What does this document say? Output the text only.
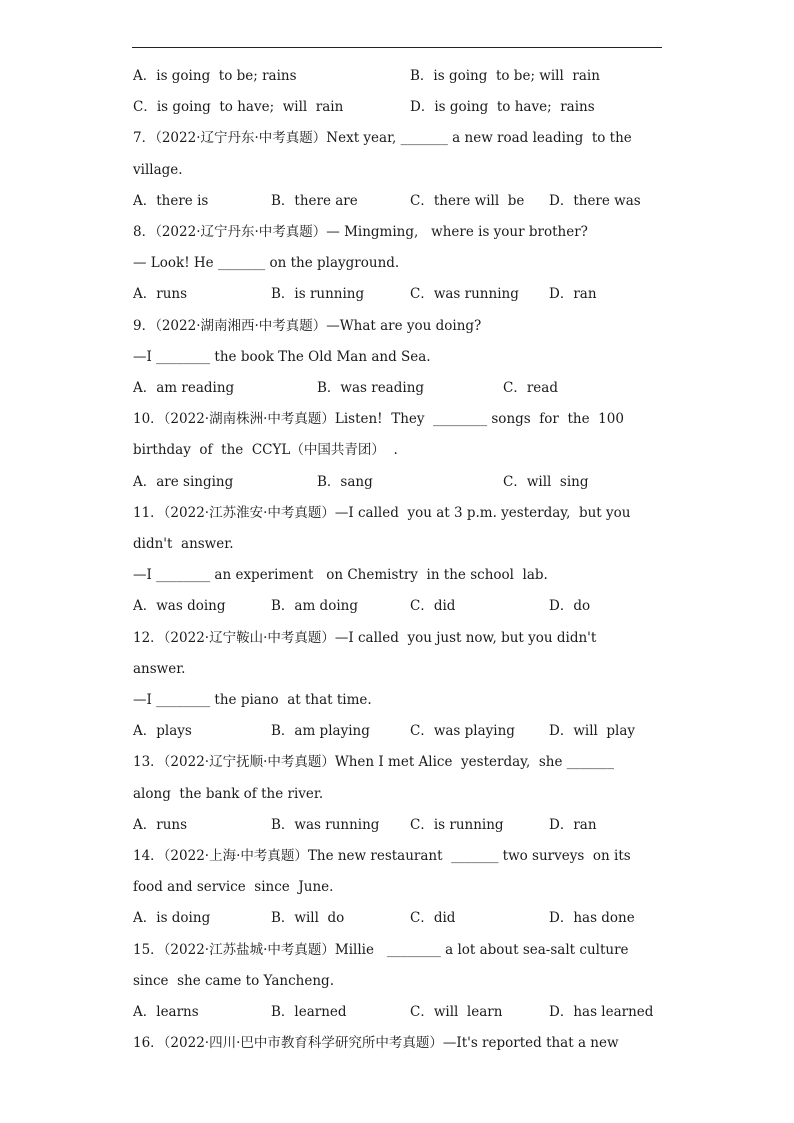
A．is going  to be; rains	B．is going  to be; will  rain
C．is going  to have;  will  rain	D．is going  to have;  rains
7．（2022·辽宁丹东·中考真题）Next year, _______ a new road leading  to the
village.
A．there is	B．there are	C．there will  be D．there was
8．（2022·辽宁丹东·中考真题）— Mingming,   where is your brother?
— Look! He _______ on the playground.
A．runs	B．is running	C．was running D．ran
9．（2022·湖南湘西·中考真题）—What are you doing?
—I ________ the book The Old Man and Sea.
A．am reading	B．was reading	C．read
10．（2022·湖南株洲·中考真题）Listen!  They  ________ songs  for  the  100
birthday  of  the  CCYL（中国共青团）  .
A．are singing	B．sang	C．will  sing
11．（2022·江苏淮安·中考真题）—I called  you at 3 p.m. yesterday,  but you
didn't  answer.
—I ________ an experiment   on Chemistry  in the school  lab.
A．was doing	B．am doing	C．did	D．do
12．（2022·辽宁鞍山·中考真题）—I called  you just now, but you didn't
answer.
—I ________ the piano  at that time.
A．plays	B．am playing	C．was playing	D．will  play
13．（2022·辽宁抚顺·中考真题）When I met Alice  yesterday,  she _______
along  the bank of the river.
A．runs	B．was running C．is running	D．ran
14．（2022·上海·中考真题）The new restaurant  _______ two surveys  on its
food and service  since  June.
A．is doing	B．will  do	C．did	D．has done
15．（2022·江苏盐城·中考真题）Millie   ________ a lot about sea-salt culture
since  she came to Yancheng.
A．learns	B．learned	C．will  learn	D．has learned
16．（2022·四川·巴中市教育科学研究所中考真题）—It's reported that a new
